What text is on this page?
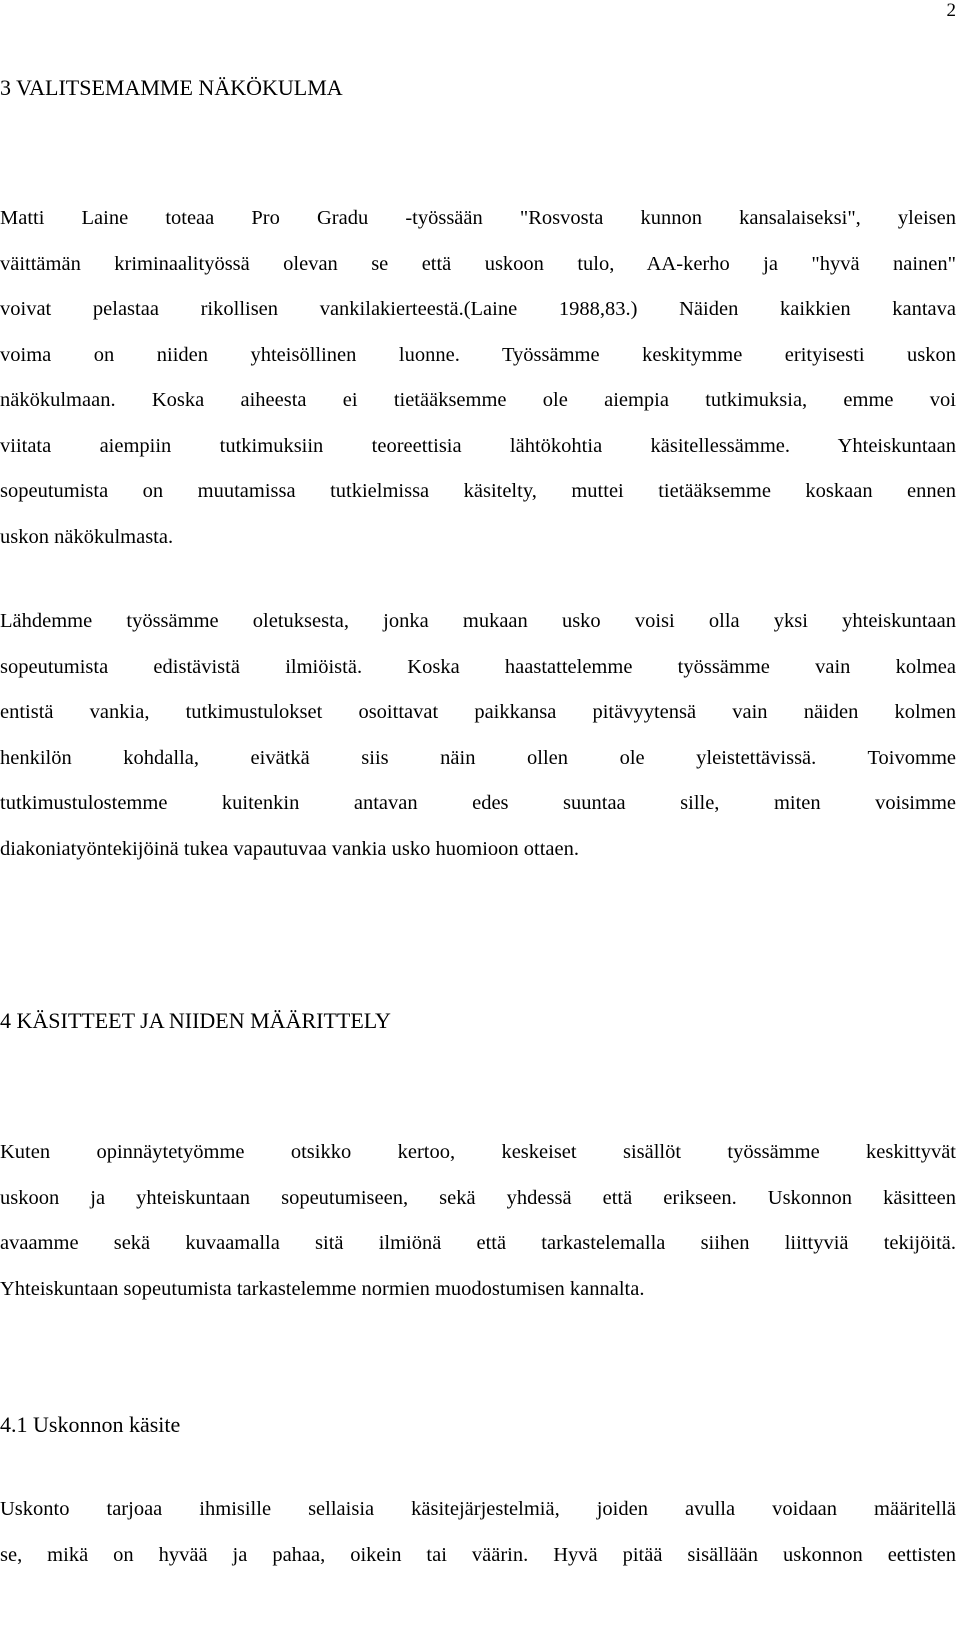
2
3 VALITSEMAMME NÄKÖKULMA
Matti Laine toteaa Pro Gradu -työssään "Rosvosta kunnon kansalaiseksi", yleisen
väittämän kriminaalityössä olevan se että uskoon tulo, AA-kerho ja "hyvä nainen"
voivat pelastaa rikollisen vankilakierteestä.(Laine 1988,83.) Näiden kaikkien kantava
voima on niiden yhteisöllinen luonne. Työssämme keskitymme erityisesti uskon
näkökulmaan. Koska aiheesta ei tietääksemme ole aiempia tutkimuksia, emme voi
viitata aiempiin tutkimuksiin teoreettisia lähtökohtia käsitellessämme. Yhteiskuntaan
sopeutumista on muutamissa tutkielmissa käsitelty, muttei tietääksemme koskaan ennen
uskon näkökulmasta.
Lähdemme työssämme oletuksesta, jonka mukaan usko voisi olla yksi yhteiskuntaan
sopeutumista edistävistä ilmiöistä. Koska haastattelemme työssämme vain kolmea
entistä vankia, tutkimustulokset osoittavat paikkansa pitävyytensä vain näiden kolmen
henkilön kohdalla, eivätkä siis näin ollen ole yleistettävissä. Toivomme
tutkimustulostemme kuitenkin antavan edes suuntaa sille, miten voisimme
diakoniatyöntekijöinä tukea vapautuvaa vankia usko huomioon ottaen.
4 KÄSITTEET JA NIIDEN MÄÄRITTELY
Kuten opinnäytetyömme otsikko kertoo, keskeiset sisällöt työssämme keskittyvät
uskoon ja yhteiskuntaan sopeutumiseen, sekä yhdessä että erikseen. Uskonnon käsitteen
avaamme sekä kuvaamalla sitä ilmiönä että tarkastelemalla siihen liittyviä tekijöitä.
Yhteiskuntaan sopeutumista tarkastelemme normien muodostumisen kannalta.
4.1 Uskonnon käsite
Uskonto tarjoaa ihmisille sellaisia käsitejärjestelmiä, joiden avulla voidaan määritellä
se, mikä on hyvää ja pahaa, oikein tai väärin. Hyvä pitää sisällään uskonnon eettisten
